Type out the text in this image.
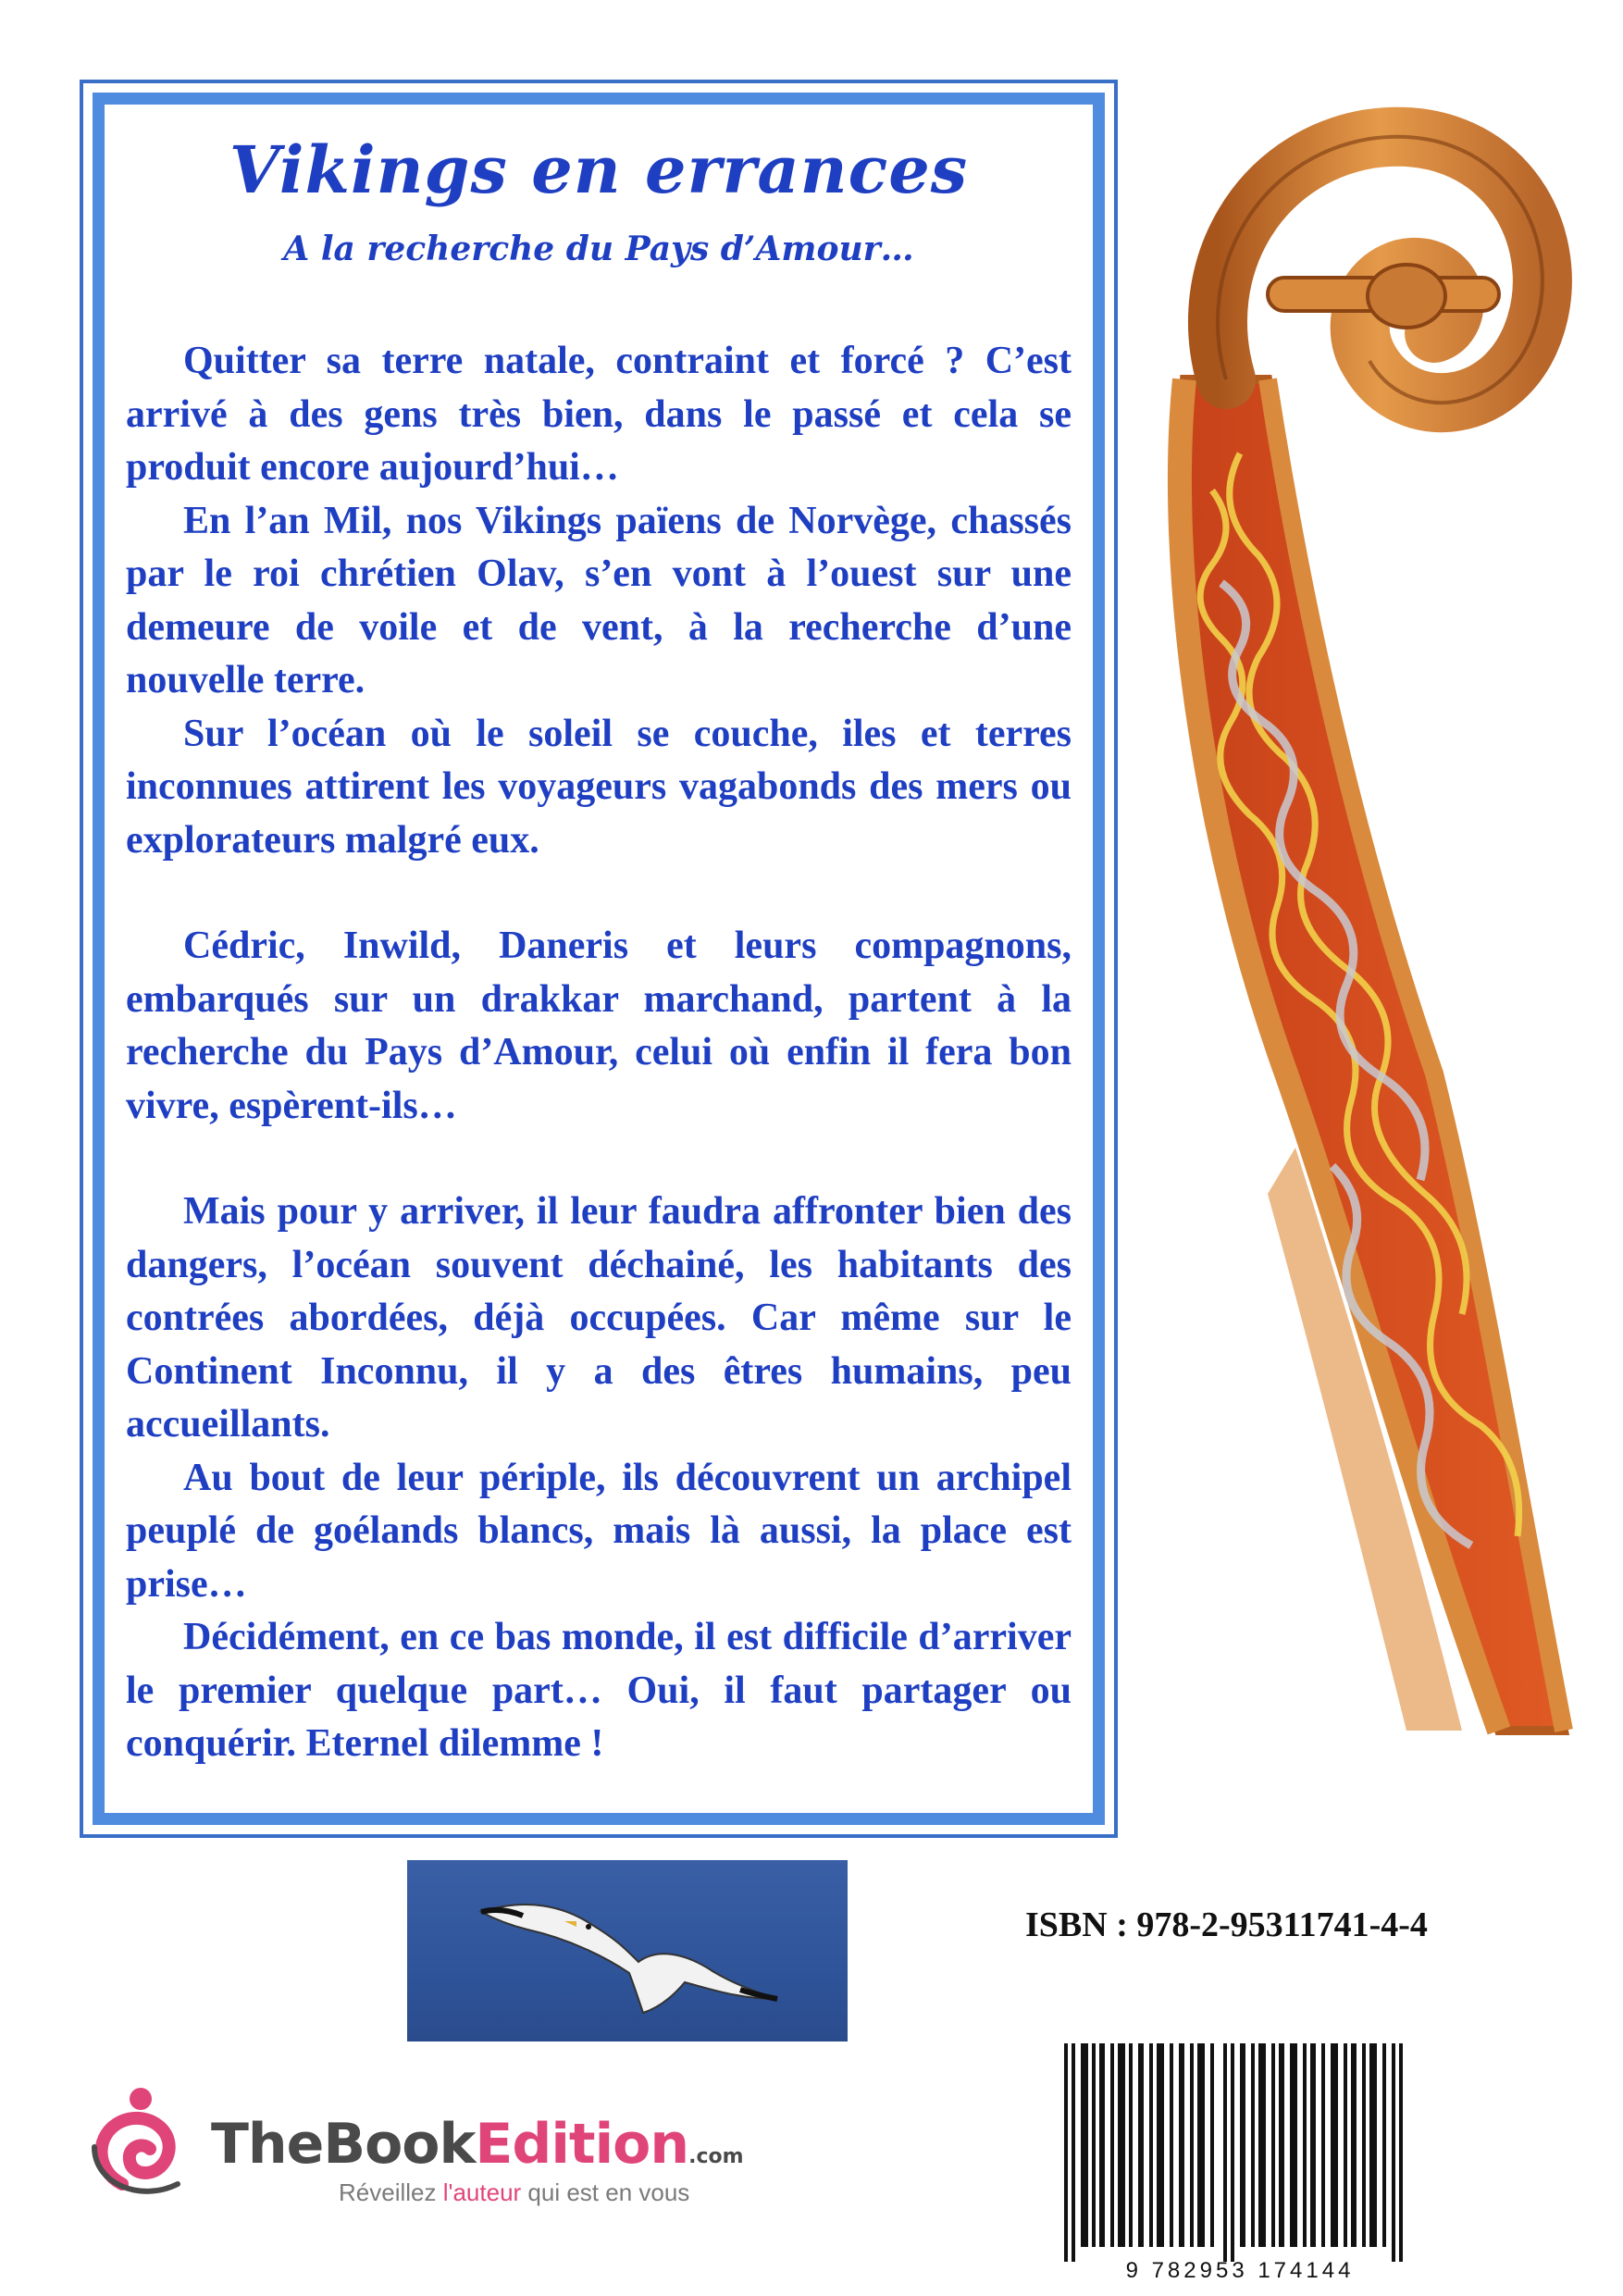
Vikings en errances
A la recherche du Pays d’Amour…

Quitter sa terre natale, contraint et forcé ? C’est arrivé à des gens très bien, dans le passé et cela se produit encore aujourd’hui…

En l’an Mil, nos Vikings païens de Norvège, chassés par le roi chrétien Olav, s’en vont à l’ouest sur une demeure de voile et de vent, à la recherche d’une nouvelle terre.

Sur l’océan où le soleil se couche, iles et terres inconnues attirent les voyageurs vagabonds des mers ou explorateurs malgré eux.

Cédric, Inwild, Daneris et leurs compagnons, embarqués sur un drakkar marchand, partent à la recherche du Pays d’Amour, celui où enfin il fera bon vivre, espèrent-ils…

Mais pour y arriver, il leur faudra affronter bien des dangers, l’océan souvent déchainé, les habitants des contrées abordées, déjà occupées. Car même sur le Continent Inconnu, il y a des êtres humains, peu accueillants.

Au bout de leur périple, ils découvrent un archipel peuplé de goélands blancs, mais là aussi, la place est prise…

Décidément, en ce bas monde, il est difficile d’arriver le premier quelque part… Oui, il faut partager ou conquérir. Eternel dilemme !

ISBN : 978-2-95311741-4-4

9 782953 174144

TheBookEdition.com

Réveillez l'auteur qui est en vous
